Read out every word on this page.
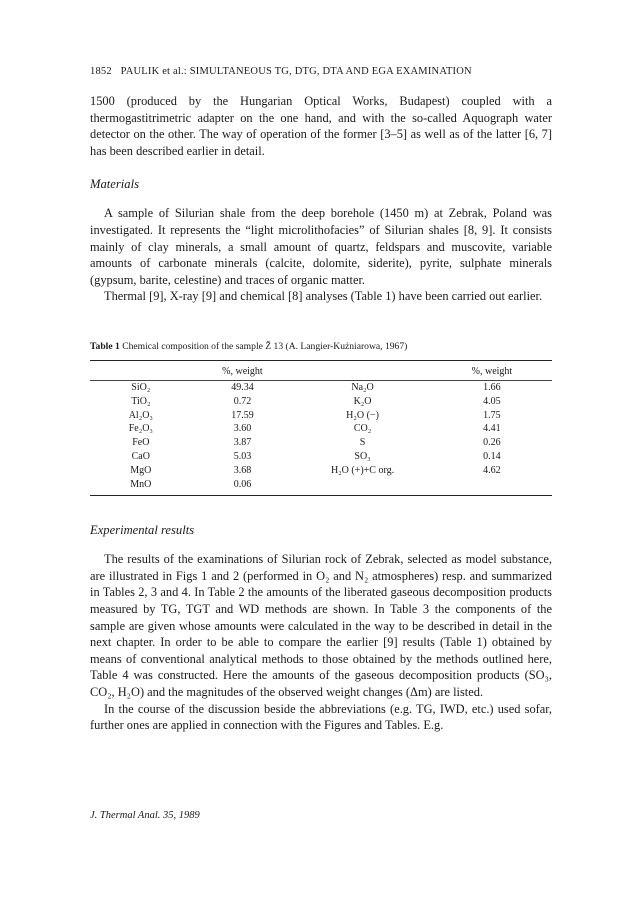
1852 PAULIK et al.: SIMULTANEOUS TG, DTG, DTA AND EGA EXAMINATION

1500 (produced by the Hungarian Optical Works, Budapest) coupled with a thermogastitrimetric adapter on the one hand, and with the so-called Aquograph water detector on the other. The way of operation of the former [3–5] as well as of the latter [6, 7] has been described earlier in detail.

Materials

A sample of Silurian shale from the deep borehole (1450 m) at Zebrak, Poland was investigated. It represents the “light microlithofacies” of Silurian shales [8, 9]. It consists mainly of clay minerals, a small amount of quartz, feldspars and muscovite, variable amounts of carbonate minerals (calcite, dolomite, siderite), pyrite, sulphate minerals (gypsum, barite, celestine) and traces of organic matter.

Thermal [9], X-ray [9] and chemical [8] analyses (Table 1) have been carried out earlier.

Table 1 Chemical composition of the sample Ž 13 (A. Langier-Kuźniarowa, 1967)

	%, weight		%, weight
SiO₂	49.34	Na₂O	1.66
TiO₂	0.72	K₂O	4.05
Al₂O₃	17.59	H₂O (−)	1.75
Fe₂O₃	3.60	CO₂	4.41
FeO	3.87	S	0.26
CaO	5.03	SO₃	0.14
MgO	3.68	H₂O (+)+C org.	4.62
MnO	0.06		

Experimental results

The results of the examinations of Silurian rock of Zebrak, selected as model substance, are illustrated in Figs 1 and 2 (performed in O₂ and N₂ atmospheres) resp. and summarized in Tables 2, 3 and 4. In Table 2 the amounts of the liberated gaseous decomposition products measured by TG, TGT and WD methods are shown. In Table 3 the components of the sample are given whose amounts were calculated in the way to be described in detail in the next chapter. In order to be able to compare the earlier [9] results (Table 1) obtained by means of conventional analytical methods to those obtained by the methods outlined here, Table 4 was constructed. Here the amounts of the gaseous decomposition products (SO₃, CO₂, H₂O) and the magnitudes of the observed weight changes (Δm) are listed.

In the course of the discussion beside the abbreviations (e.g. TG, IWD, etc.) used sofar, further ones are applied in connection with the Figures and Tables. E.g.

J. Thermal Anal. 35, 1989
